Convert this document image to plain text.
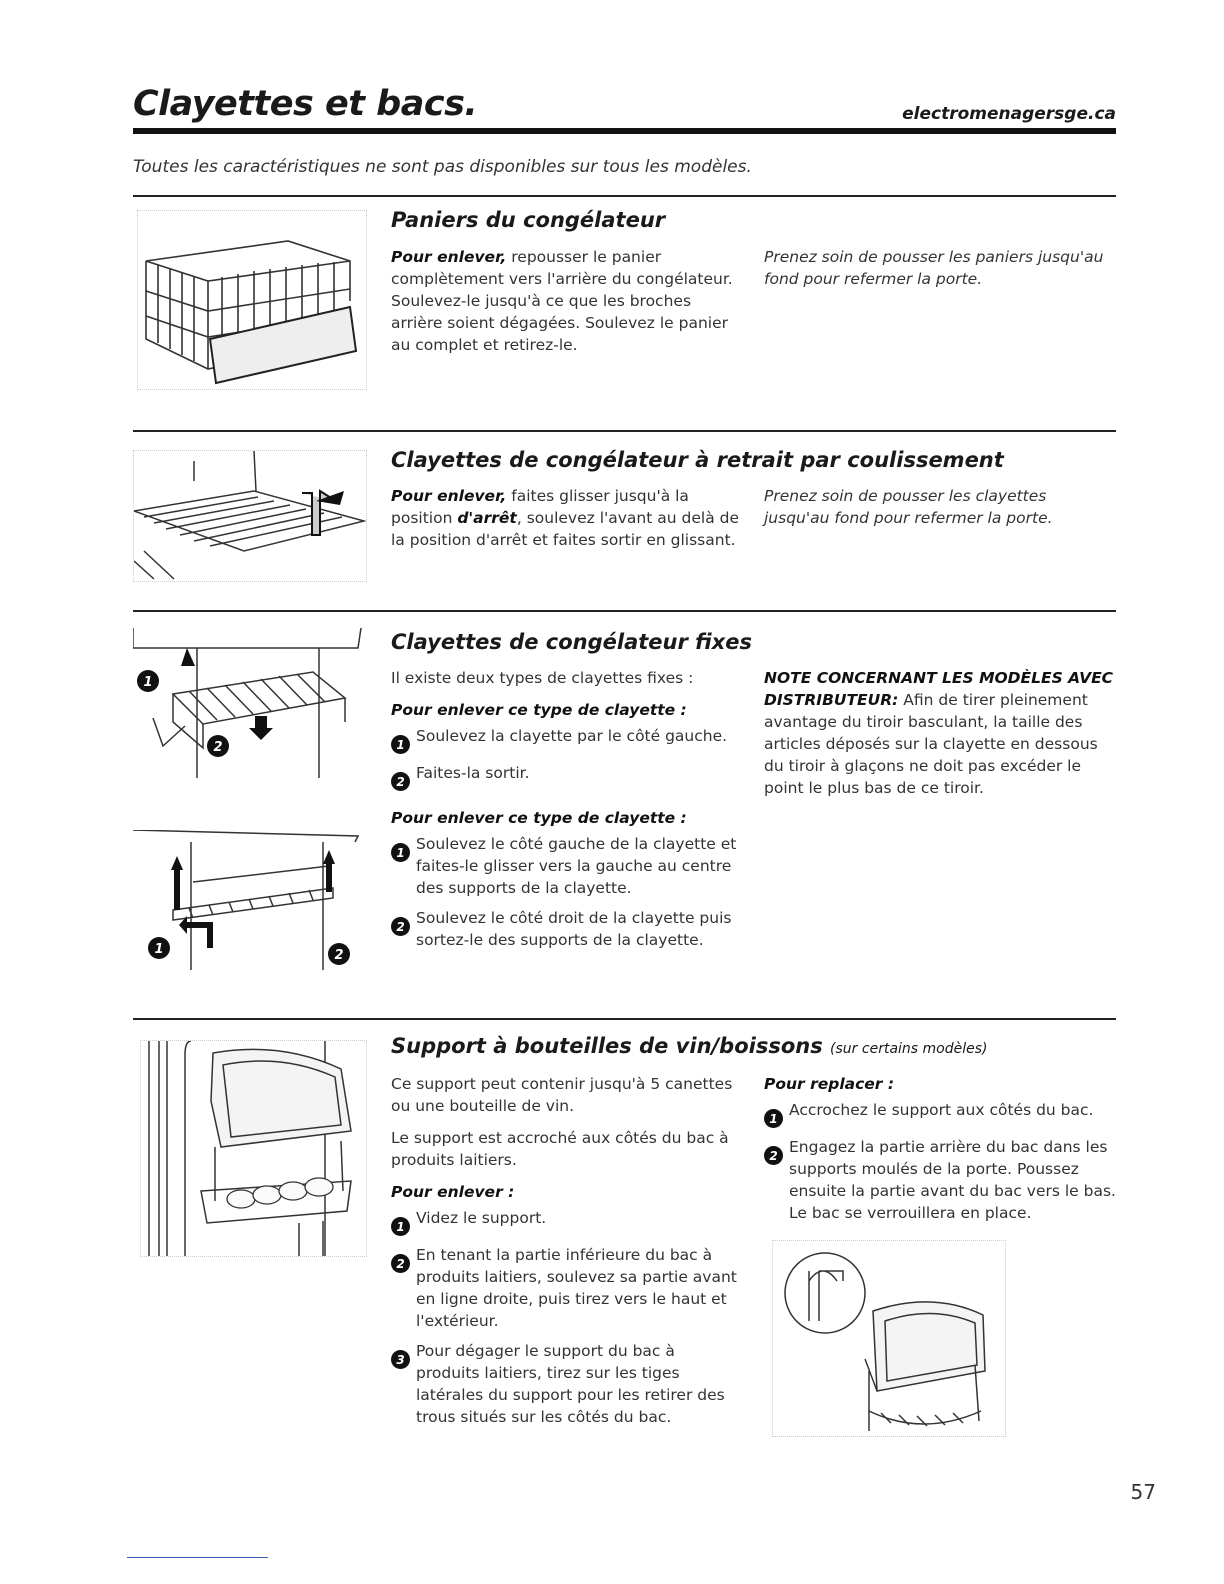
Clayettes et bacs.	electromenagersge.ca
Toutes les caractéristiques ne sont pas disponibles sur tous les modèles.
Paniers du congélateur
Pour enlever, repousser le panier complètement vers l'arrière du congélateur. Soulevez-le jusqu'à ce que les broches arrière soient dégagées. Soulevez le panier au complet et retirez-le.
Prenez soin de pousser les paniers jusqu'au fond pour refermer la porte.
Clayettes de congélateur à retrait par coulissement
Pour enlever, faites glisser jusqu'à la position d'arrêt, soulevez l'avant au delà de la position d'arrêt et faites sortir en glissant.
Prenez soin de pousser les clayettes jusqu'au fond pour refermer la porte.
1
2
1	2
Clayettes de congélateur fixes

Il existe deux types de clayettes fixes :

Pour enlever ce type de clayette :

1 Soulevez la clayette par le côté gauche.
2 Faites-la sortir.

Pour enlever ce type de clayette :

1 Soulevez le côté gauche de la clayette et faites-le glisser vers la gauche au centre des supports de la clayette.
2 Soulevez le côté droit de la clayette puis sortez-le des supports de la clayette.
NOTE CONCERNANT LES MODÈLES AVEC DISTRIBUTEUR: Afin de tirer pleinement avantage du tiroir basculant, la taille des articles déposés sur la clayette en dessous du tiroir à glaçons ne doit pas excéder le point le plus bas de ce tiroir.
Support à bouteilles de vin/boissons (sur certains modèles)

Ce support peut contenir jusqu'à 5 canettes ou une bouteille de vin.

Le support est accroché aux côtés du bac à produits laitiers.

Pour enlever :

1 Videz le support.
2 En tenant la partie inférieure du bac à produits laitiers, soulevez sa partie avant en ligne droite, puis tirez vers le haut et l'extérieur.
3 Pour dégager le support du bac à produits laitiers, tirez sur les tiges latérales du support pour les retirer des trous situés sur les côtés du bac.

Pour replacer :

1 Accrochez le support aux côtés du bac.
2 Engagez la partie arrière du bac dans les supports moulés de la porte. Poussez ensuite la partie avant du bac vers le bas. Le bac se verrouillera en place.
57
